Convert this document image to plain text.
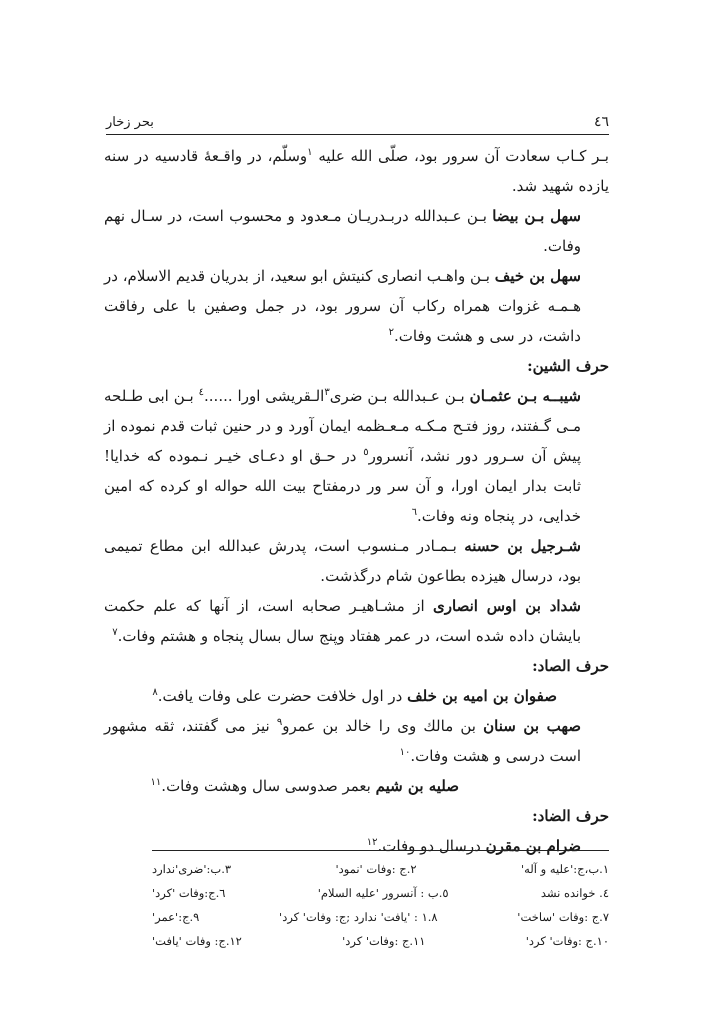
٤٦
بحر زخار

بـر کـاب سعادت آن سرور بود، صلّی الله علیه $^١$وسلّم، در واقـعهٔ قادسیه در سنه یازده شهید شد.

سهل بـن بیضا بـن عـبدالله دربـدریـان مـعدود و محسوب است، در سـال نهم وفات.

سهل بن خیف بـن واهـب انصاری کنیتش ابو سعید، از بدریان قدیم الاسلام، در هـمـه غزوات همراه رکاب آن سرور بود، در جمل وصفین با علی رفاقت داشت، در سی و هشت وفات.$^٢$

حرف الشین:

شیبــه بـن عثمـان بـن عـبدالله بـن ضری$^٣$الـقریشی اورا ......$^٤$ بـن ابی طـلحه مـی گـفتند، روز فتـح مـکـه مـعـظمه ایمان آورد و در حنین ثبات قدم نموده از پیش آن سـرور دور نشد، آنسرور$^٥$ در حـق او دعـای خیـر نـموده که خدایا! ثابت بدار ایمان اورا، و آن سر ور درمفتاح بیت الله حواله او کرده که امین خدایی، در پنجاه ونه وفات.$^٦$

شـرجیل بن حسنه بـمـادر مـنسوب است، پدرش عبدالله ابن مطاع تمیمی بود، درسال هیزده بطاعون شام درگذشت.

شداد بن اوس انصاری از مشـاهیـر صحابه است، از آنها که علم حکمت بایشان داده شده است، در عمر هفتاد وپنج سال بسال پنجاه و هشتم وفات.$^٧$

حرف الصاد:

صفوان بن امیه بن خلف در اول خلافت حضرت علی وفات یافت.$^٨$

صهب بن سنان بن مالك وی را خالد بن عمرو$^٩$ نیز می گفتند، ثقه مشهور است درسی و هشت وفات.$^{١٠}$

صلیه بن شیم بعمر صدوسی سال وهشت وفات.$^{١١}$

حرف الضاد:

ضرام بن مقرن درسال دو وفات.$^{١٢}$

١.ب،ج:'علیه و آله'
٢.ج :وفات 'نمود'
٣.ب:'ضری'ندارد
٤. خوانده نشد
٥.ب : آنسرور 'علیه السلام'
٦.ج:وفات 'کرد'
٧.ج :وفات 'ساخت'
١.٨ : 'یافت' ندارد ;ج: وفات' کرد'
٩.ج:'عمر'
١٠.ج :وفات' کرد'
١١.ج :وفات' کرد'
١٢.ج: وفات 'یافت'
